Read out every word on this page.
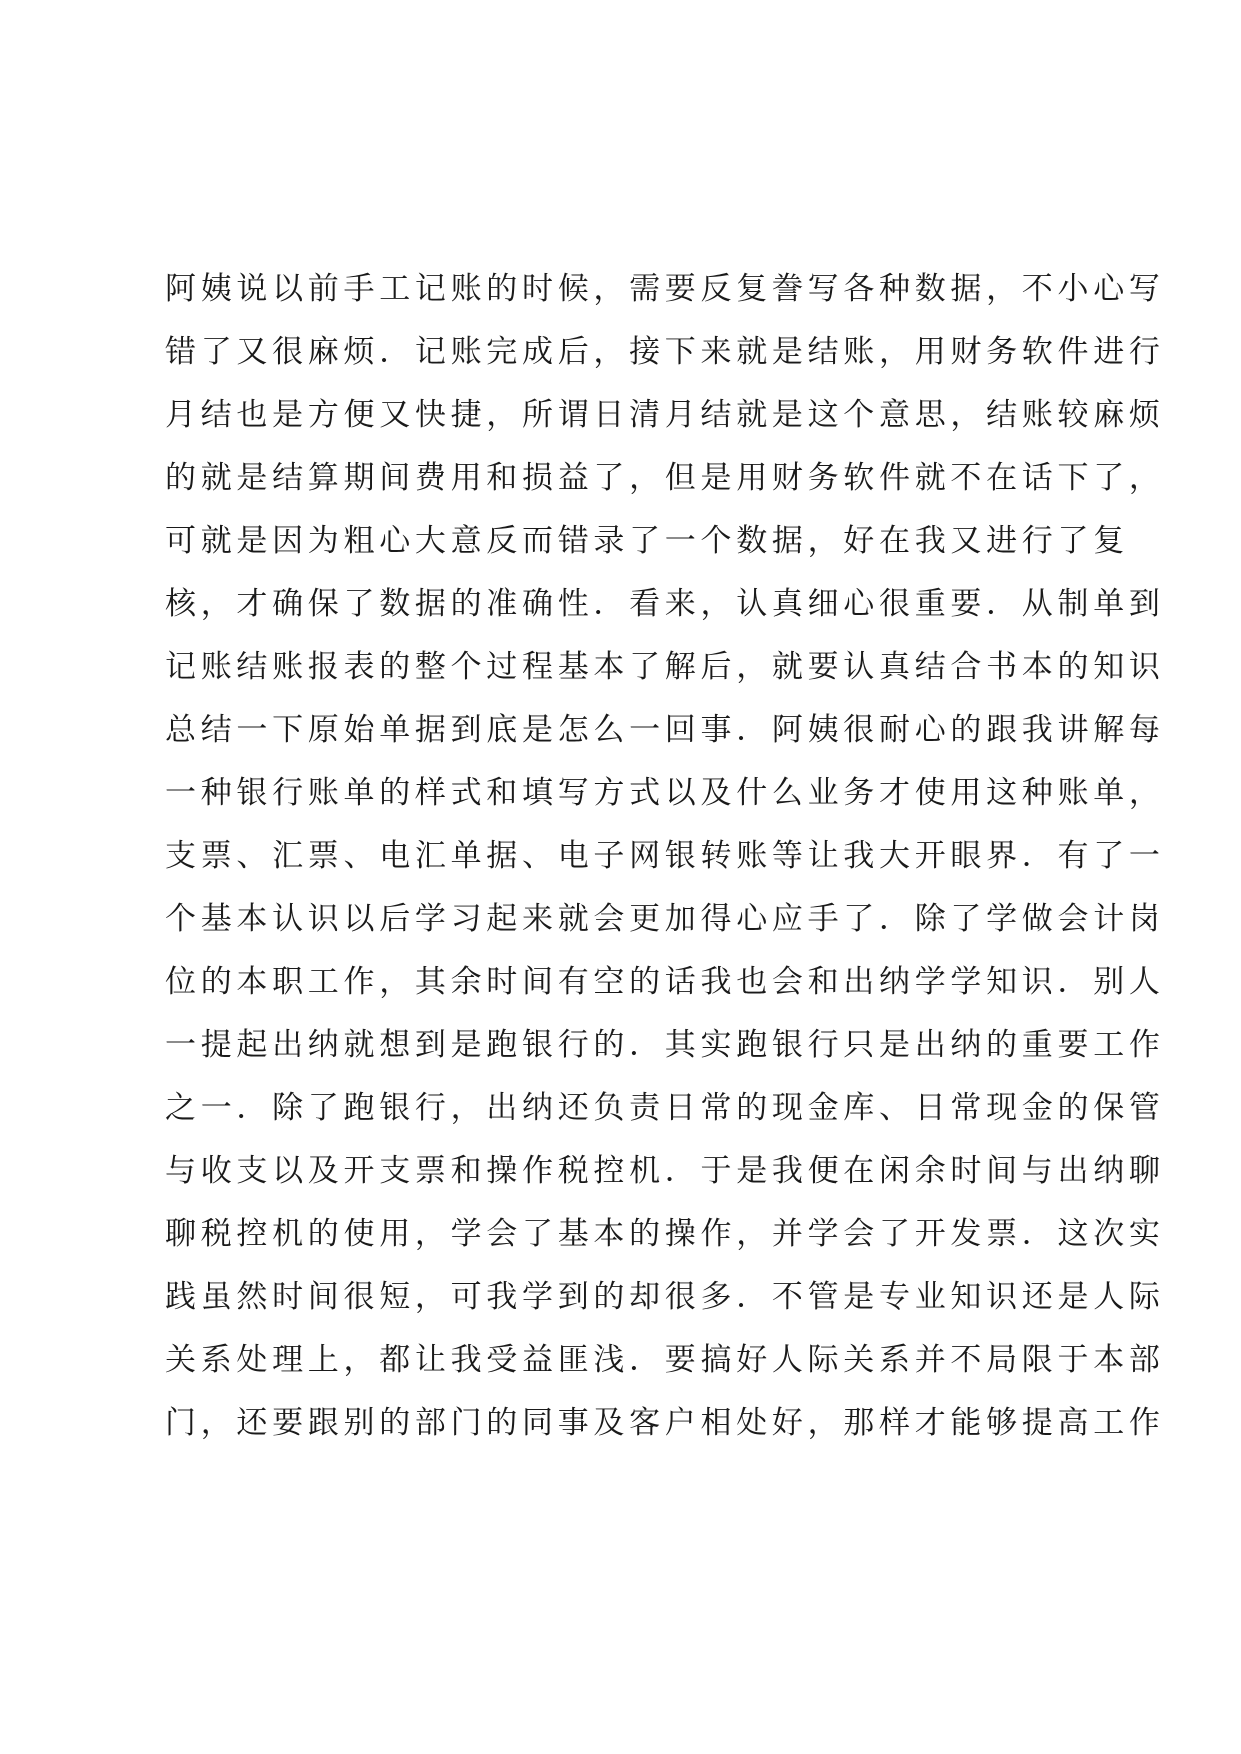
阿姨说以前手工记账的时候，需要反复誊写各种数据，不小心写
错了又很麻烦．记账完成后，接下来就是结账，用财务软件进行
月结也是方便又快捷，所谓日清月结就是这个意思，结账较麻烦
的就是结算期间费用和损益了，但是用财务软件就不在话下了，
可就是因为粗心大意反而错录了一个数据，好在我又进行了复
核，才确保了数据的准确性．看来，认真细心很重要．从制单到
记账结账报表的整个过程基本了解后，就要认真结合书本的知识
总结一下原始单据到底是怎么一回事．阿姨很耐心的跟我讲解每
一种银行账单的样式和填写方式以及什么业务才使用这种账单，
支票、汇票、电汇单据、电子网银转账等让我大开眼界．有了一
个基本认识以后学习起来就会更加得心应手了．除了学做会计岗
位的本职工作，其余时间有空的话我也会和出纳学学知识．别人
一提起出纳就想到是跑银行的．其实跑银行只是出纳的重要工作
之一．除了跑银行，出纳还负责日常的现金库、日常现金的保管
与收支以及开支票和操作税控机．于是我便在闲余时间与出纳聊
聊税控机的使用，学会了基本的操作，并学会了开发票．这次实
践虽然时间很短，可我学到的却很多．不管是专业知识还是人际
关系处理上，都让我受益匪浅．要搞好人际关系并不局限于本部
门，还要跟别的部门的同事及客户相处好，那样才能够提高工作
